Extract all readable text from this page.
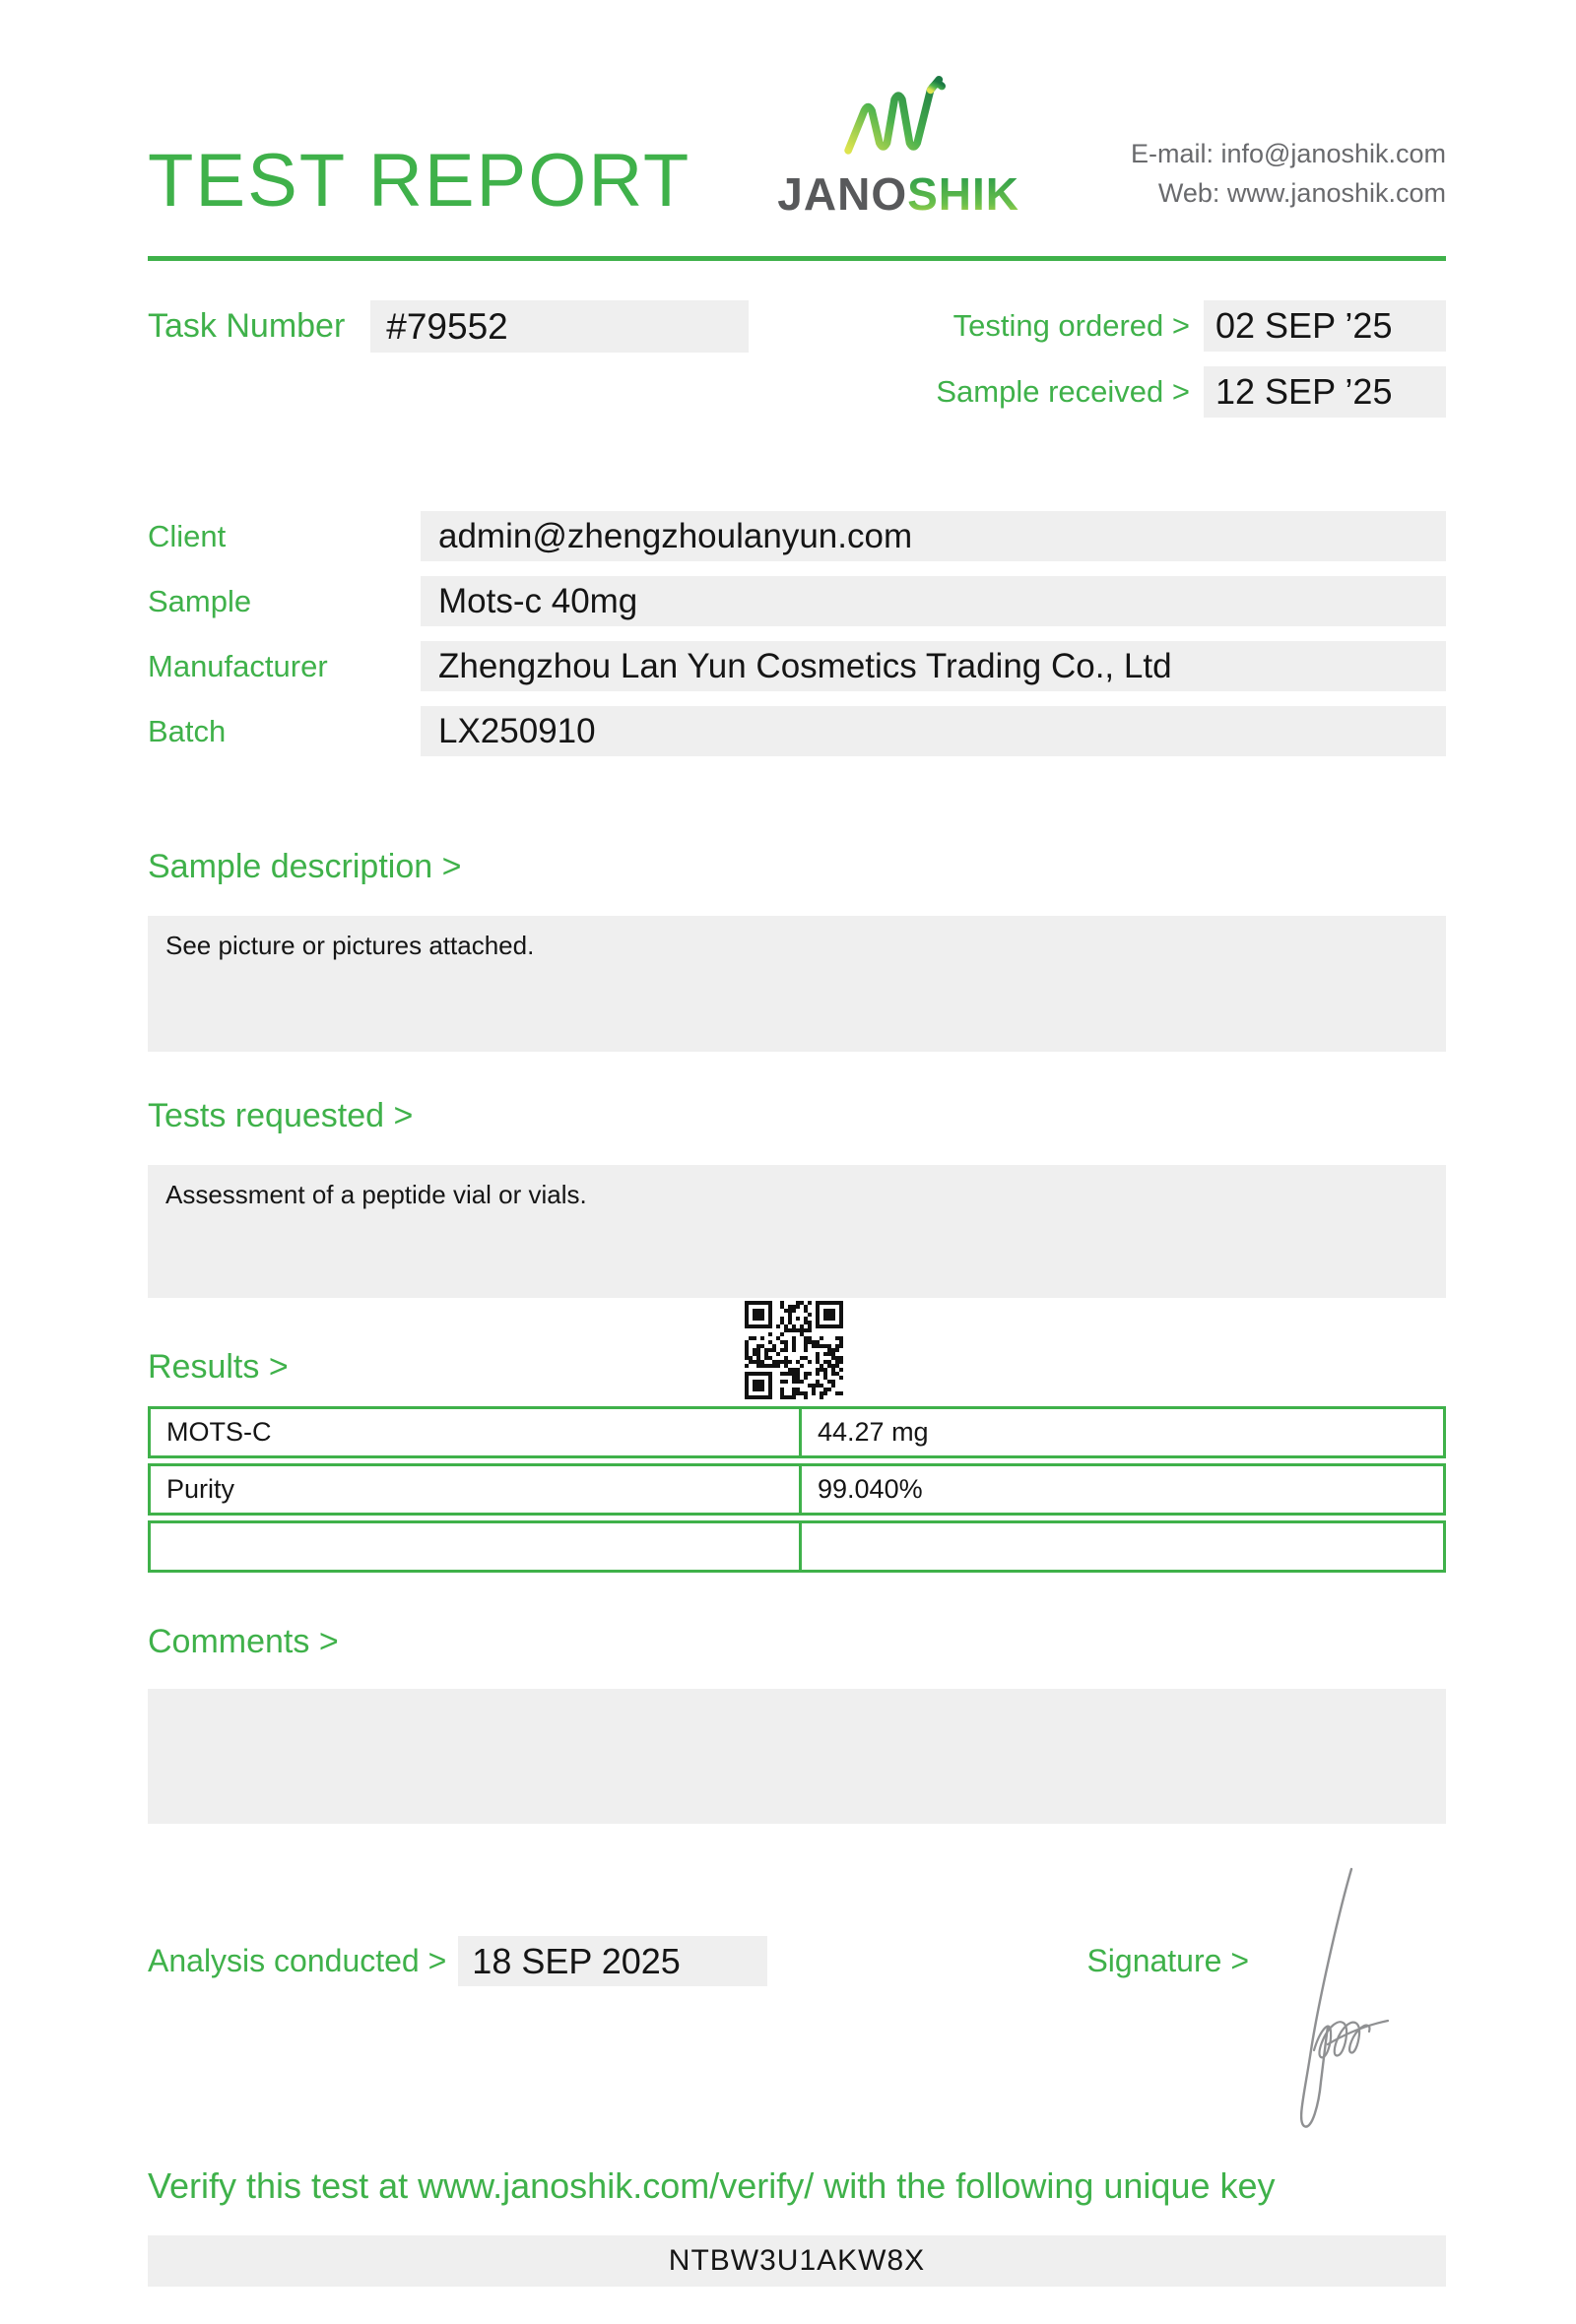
TEST REPORT JANOSHIK
E-mail: info@janoshik.com
Web: www.janoshik.com
Task Number	#79552	Testing ordered > 02 SEP ’25
Sample received > 12 SEP ’25
Client	admin@zhengzhoulanyun.com
Sample	Mots-c 40mg
Manufacturer	Zhengzhou Lan Yun Cosmetics Trading Co., Ltd
Batch	LX250910
Sample description >
See picture or pictures attached.
Tests requested >
Assessment of a peptide vial or vials.
Results >
MOTS-C	44.27 mg
Purity	99.040%
Comments >
Analysis conducted > 18 SEP 2025	Signature >
Verify this test at www.janoshik.com/verify/ with the following unique key
NTBW3U1AKW8X
